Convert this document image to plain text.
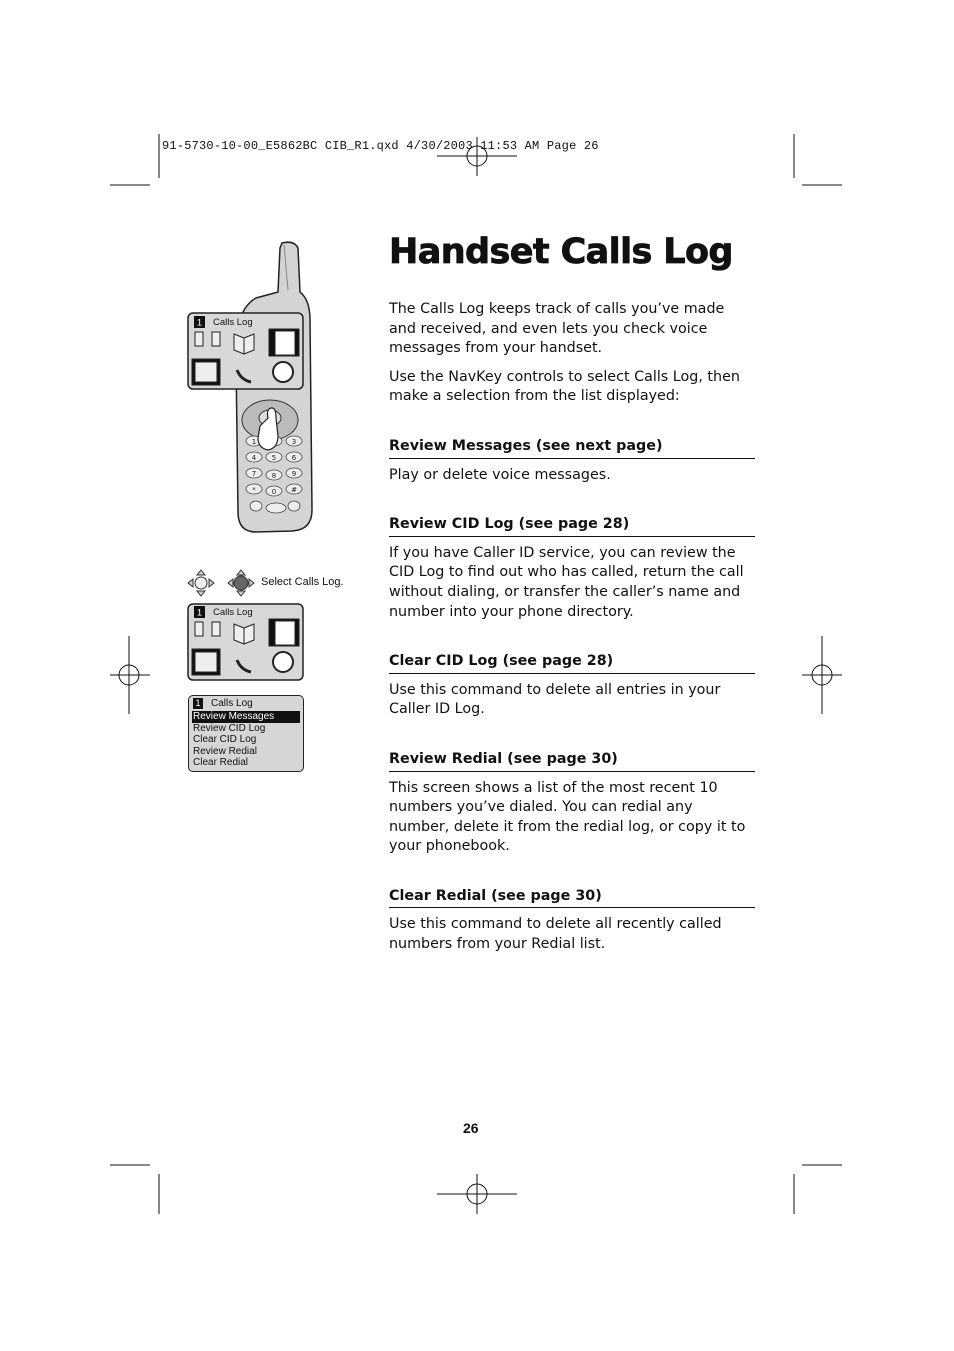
91-5730-10-00_E5862BC CIB_R1.qxd 4/30/2003 11:53 AM Page 26
1	3
4 5 6
7 8 9
* 0 #
1 Calls Log
Select Calls Log.
1 Calls Log
1 Calls Log
Review Messages
Review CID Log
Clear CID Log
Review Redial
Clear Redial
Handset Calls Log

The Calls Log keeps track of calls you’ve made and received, and even lets you check voice messages from your handset.

Use the NavKey controls to select Calls Log, then make a selection from the list displayed:

Review Messages (see next page)

Play or delete voice messages.

Review CID Log (see page 28)

If you have Caller ID service, you can review the CID Log to find out who has called, return the call without dialing, or transfer the caller’s name and number into your phone directory.

Clear CID Log (see page 28)

Use this command to delete all entries in your Caller ID Log.

Review Redial (see page 30)

This screen shows a list of the most recent 10 numbers you’ve dialed. You can redial any number, delete it from the redial log, or copy it to your phonebook.

Clear Redial (see page 30)

Use this command to delete all recently called numbers from your Redial list.

26
